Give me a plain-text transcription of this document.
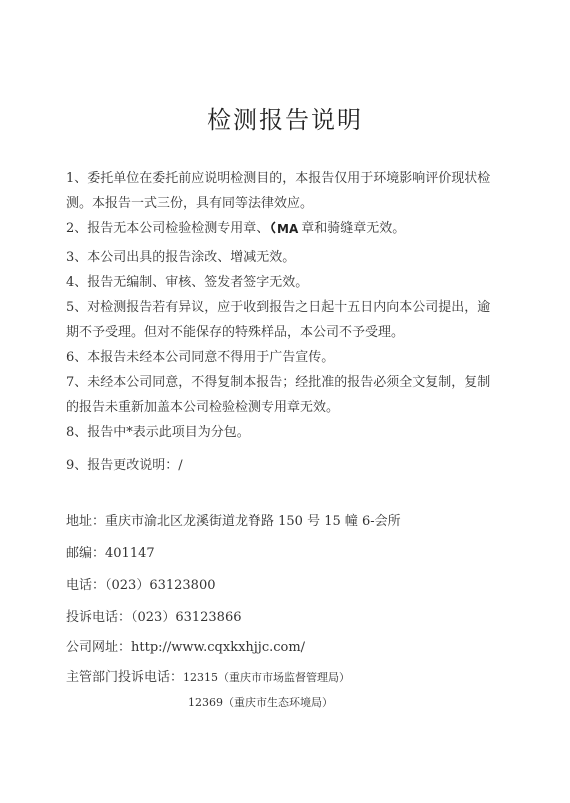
检测报告说明
1、委托单位在委托前应说明检测目的，本报告仅用于环境影响评价现状检
测。本报告一式三份，具有同等法律效应。
2、报告无本公司检验检测专用章、 MA 章和骑缝章无效。
3、本公司出具的报告涂改、增减无效。
4、报告无编制、审核、签发者签字无效。
5、对检测报告若有异议，应于收到报告之日起十五日内向本公司提出，逾
期不予受理。但对不能保存的特殊样品，本公司不予受理。
6、本报告未经本公司同意不得用于广告宣传。
7、未经本公司同意，不得复制本报告；经批准的报告必须全文复制，复制
的报告未重新加盖本公司检验检测专用章无效。
8、报告中*表示此项目为分包。
9、报告更改说明：/
地址：重庆市渝北区龙溪街道龙脊路 150 号 15 幢 6-会所
邮编：401147
电话：（023）63123800
投诉电话：（023）63123866
公司网址：http://www.cqxkxhjjc.com/
主管部门投诉电话：12315（重庆市市场监督管理局）
12369（重庆市生态环境局）
